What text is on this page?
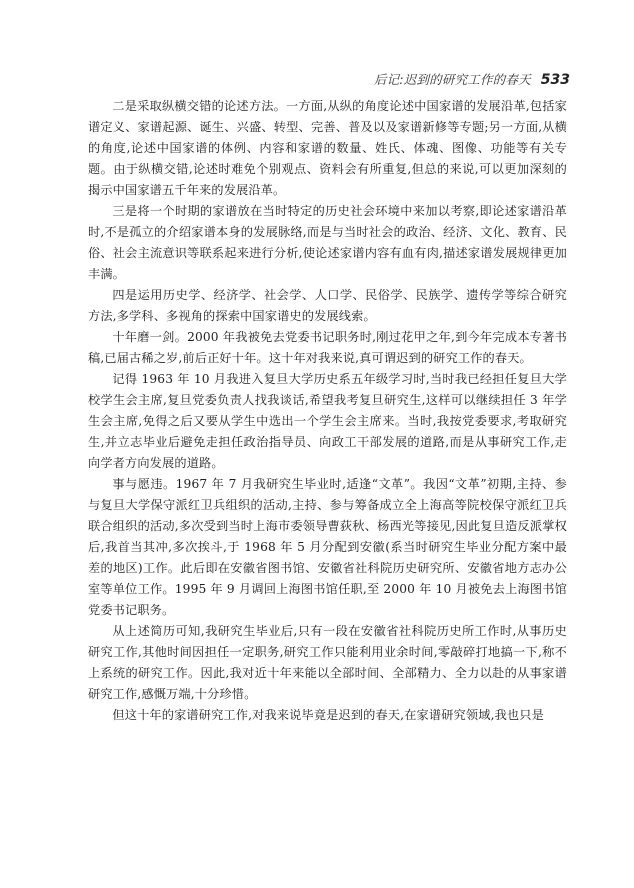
后记:迟到的研究工作的春天 533

二是采取纵横交错的论述方法。一方面,从纵的角度论述中国家谱的发展沿革,包括家谱定义、家谱起源、诞生、兴盛、转型、完善、普及以及家谱新修等专题;另一方面,从横的角度,论述中国家谱的体例、内容和家谱的数量、姓氏、体魂、图像、功能等有关专题。由于纵横交错,论述时难免个别观点、资料会有所重复,但总的来说,可以更加深刻的揭示中国家谱五千年来的发展沿革。

三是将一个时期的家谱放在当时特定的历史社会环境中来加以考察,即论述家谱沿革时,不是孤立的介绍家谱本身的发展脉络,而是与当时社会的政治、经济、文化、教育、民俗、社会主流意识等联系起来进行分析,使论述家谱内容有血有肉,描述家谱发展规律更加丰满。

四是运用历史学、经济学、社会学、人口学、民俗学、民族学、遗传学等综合研究方法,多学科、多视角的探索中国家谱史的发展线索。

十年磨一剑。2000 年我被免去党委书记职务时,刚过花甲之年,到今年完成本专著书稿,已届古稀之岁,前后正好十年。这十年对我来说,真可谓迟到的研究工作的春天。

记得 1963 年 10 月我进入复旦大学历史系五年级学习时,当时我已经担任复旦大学校学生会主席,复旦党委负责人找我谈话,希望我考复旦研究生,这样可以继续担任 3 年学生会主席,免得之后又要从学生中选出一个学生会主席来。当时,我按党委要求,考取研究生,并立志毕业后避免走担任政治指导员、向政工干部发展的道路,而是从事研究工作,走向学者方向发展的道路。

事与愿违。1967 年 7 月我研究生毕业时,适逢“文革”。我因“文革”初期,主持、参与复旦大学保守派红卫兵组织的活动,主持、参与筹备成立全上海高等院校保守派红卫兵联合组织的活动,多次受到当时上海市委领导曹荻秋、杨西光等接见,因此复旦造反派掌权后,我首当其冲,多次挨斗,于 1968 年 5 月分配到安徽(系当时研究生毕业分配方案中最差的地区)工作。此后即在安徽省图书馆、安徽省社科院历史研究所、安徽省地方志办公室等单位工作。1995 年 9 月调回上海图书馆任职,至 2000 年 10 月被免去上海图书馆党委书记职务。

从上述简历可知,我研究生毕业后,只有一段在安徽省社科院历史所工作时,从事历史研究工作,其他时间因担任一定职务,研究工作只能利用业余时间,零敲碎打地搞一下,称不上系统的研究工作。因此,我对近十年来能以全部时间、全部精力、全力以赴的从事家谱研究工作,感慨万端,十分珍惜。

但这十年的家谱研究工作,对我来说毕竟是迟到的春天,在家谱研究领域,我也只是
